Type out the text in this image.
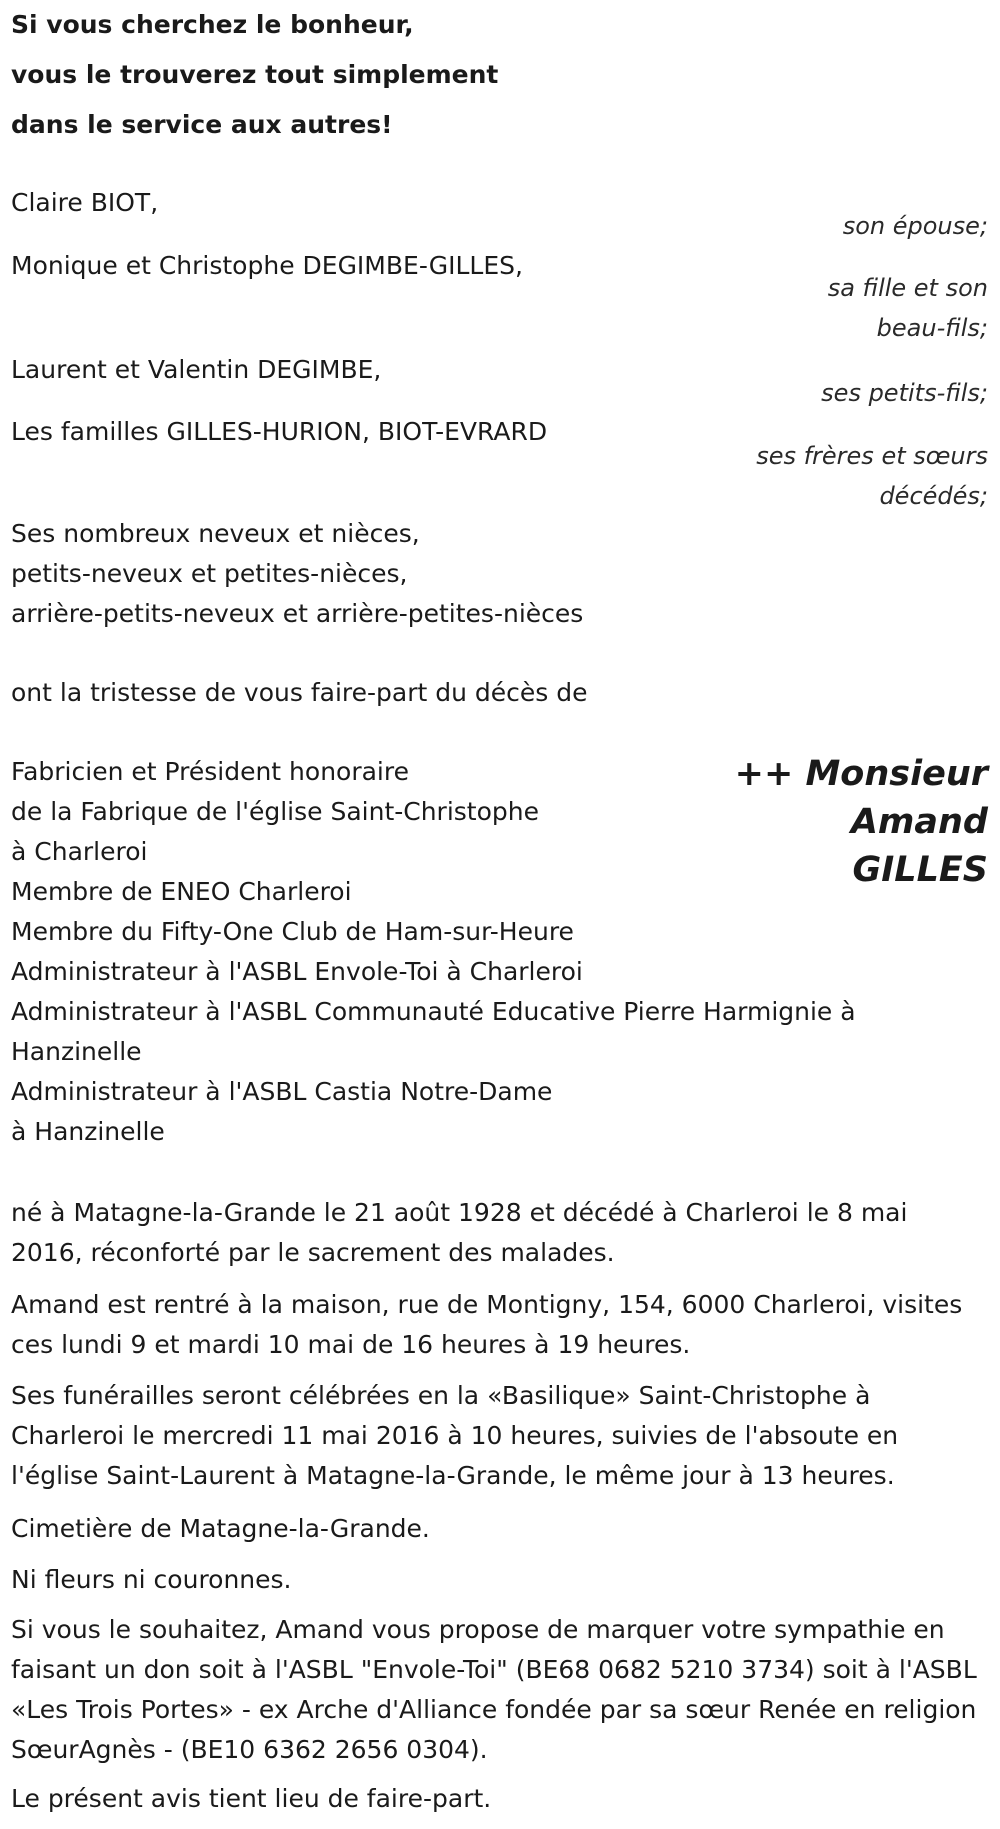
Si vous cherchez le bonheur,
vous le trouverez tout simplement
dans le service aux autres!
Claire BIOT,
son épouse;
Monique et Christophe DEGIMBE-GILLES,
sa fille et son
beau-fils;
Laurent et Valentin DEGIMBE,
ses petits-fils;
Les familles GILLES-HURION, BIOT-EVRARD
ses frères et sœurs
décédés;
Ses nombreux neveux et nièces,
petits-neveux et petites-nièces,
arrière-petits-neveux et arrière-petites-nièces
ont la tristesse de vous faire-part du décès de
++ Monsieur
Amand
GILLES
Fabricien et Président honoraire
de la Fabrique de l'église Saint-Christophe
à Charleroi
Membre de ENEO Charleroi
Membre du Fifty-One Club de Ham-sur-Heure
Administrateur à l'ASBL Envole-Toi à Charleroi
Administrateur à l'ASBL Communauté Educative Pierre Harmignie à
Hanzinelle
Administrateur à l'ASBL Castia Notre-Dame
à Hanzinelle
né à Matagne-la-Grande le 21 août 1928 et décédé à Charleroi le 8 mai 2016, réconforté par le sacrement des malades.
Amand est rentré à la maison, rue de Montigny, 154, 6000 Charleroi, visites ces lundi 9 et mardi 10 mai de 16 heures à 19 heures.
Ses funérailles seront célébrées en la «Basilique» Saint-Christophe à Charleroi le mercredi 11 mai 2016 à 10 heures, suivies de l'absoute en l'église Saint-Laurent à Matagne-la-Grande, le même jour à 13 heures.
Cimetière de Matagne-la-Grande.
Ni fleurs ni couronnes.
Si vous le souhaitez, Amand vous propose de marquer votre sympathie en faisant un don soit à l'ASBL "Envole-Toi" (BE68 0682 5210 3734) soit à l'ASBL «Les Trois Portes» - ex Arche d'Alliance fondée par sa sœur Renée en religion SœurAgnès - (BE10 6362 2656 0304).
Le présent avis tient lieu de faire-part.
